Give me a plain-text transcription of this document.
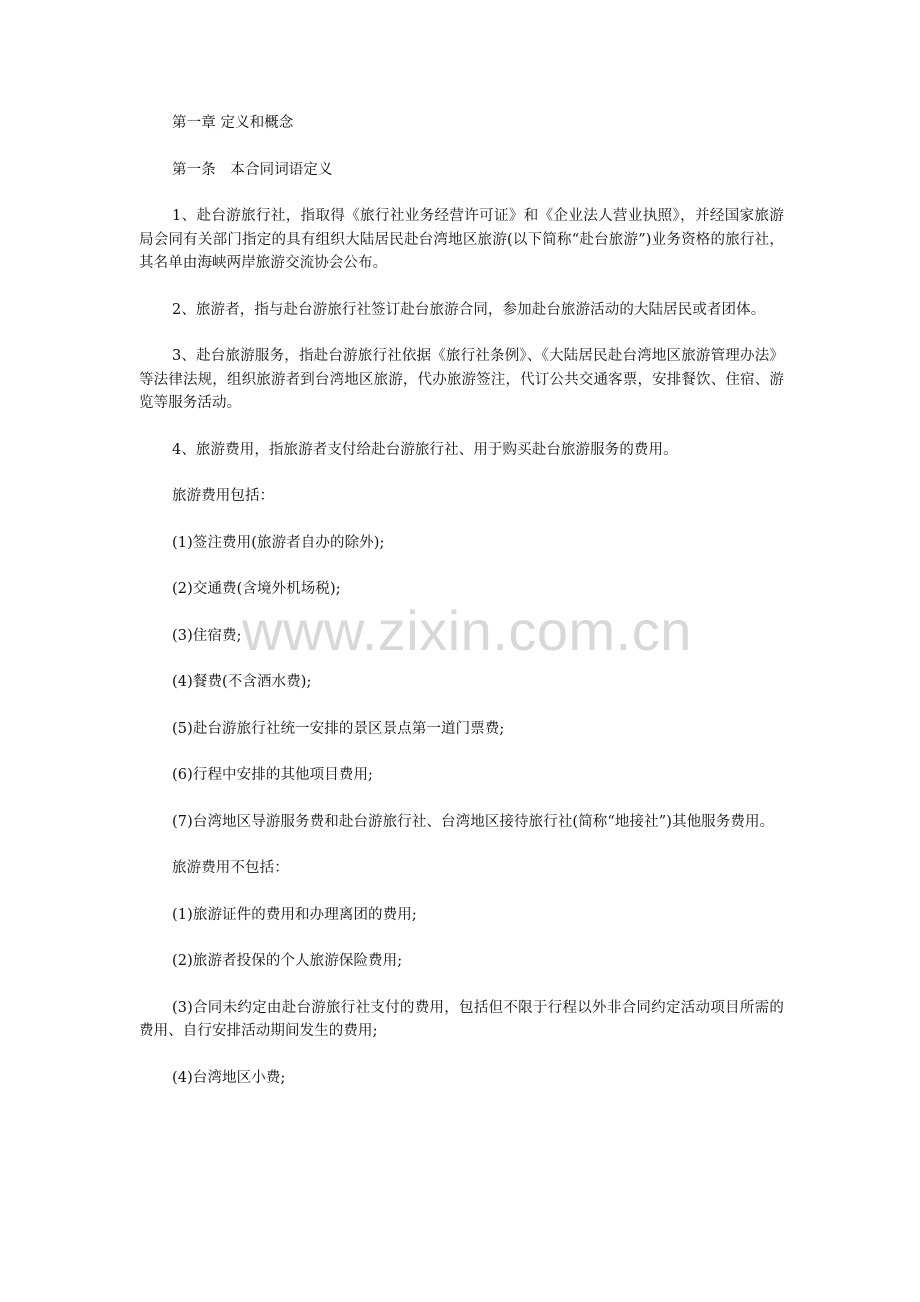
第一章 定义和概念

第一条　本合同词语定义

1、赴台游旅行社，指取得《旅行社业务经营许可证》和《企业法人营业执照》，并经国家旅游局会同有关部门指定的具有组织大陆居民赴台湾地区旅游(以下简称“赴台旅游”)业务资格的旅行社，其名单由海峡两岸旅游交流协会公布。

2、旅游者，指与赴台游旅行社签订赴台旅游合同，参加赴台旅游活动的大陆居民或者团体。

3、赴台旅游服务，指赴台游旅行社依据《旅行社条例》、《大陆居民赴台湾地区旅游管理办法》等法律法规，组织旅游者到台湾地区旅游，代办旅游签注，代订公共交通客票，安排餐饮、住宿、游览等服务活动。

4、旅游费用，指旅游者支付给赴台游旅行社、用于购买赴台旅游服务的费用。

旅游费用包括：

(1)签注费用(旅游者自办的除外);

(2)交通费(含境外机场税);

(3)住宿费;

(4)餐费(不含酒水费);

(5)赴台游旅行社统一安排的景区景点第一道门票费;

(6)行程中安排的其他项目费用;

(7)台湾地区导游服务费和赴台游旅行社、台湾地区接待旅行社(简称“地接社”)其他服务费用。

旅游费用不包括：

(1)旅游证件的费用和办理离团的费用;

(2)旅游者投保的个人旅游保险费用;

(3)合同未约定由赴台游旅行社支付的费用，包括但不限于行程以外非合同约定活动项目所需的费用、自行安排活动期间发生的费用;

(4)台湾地区小费;

www.zixin.com.cn
